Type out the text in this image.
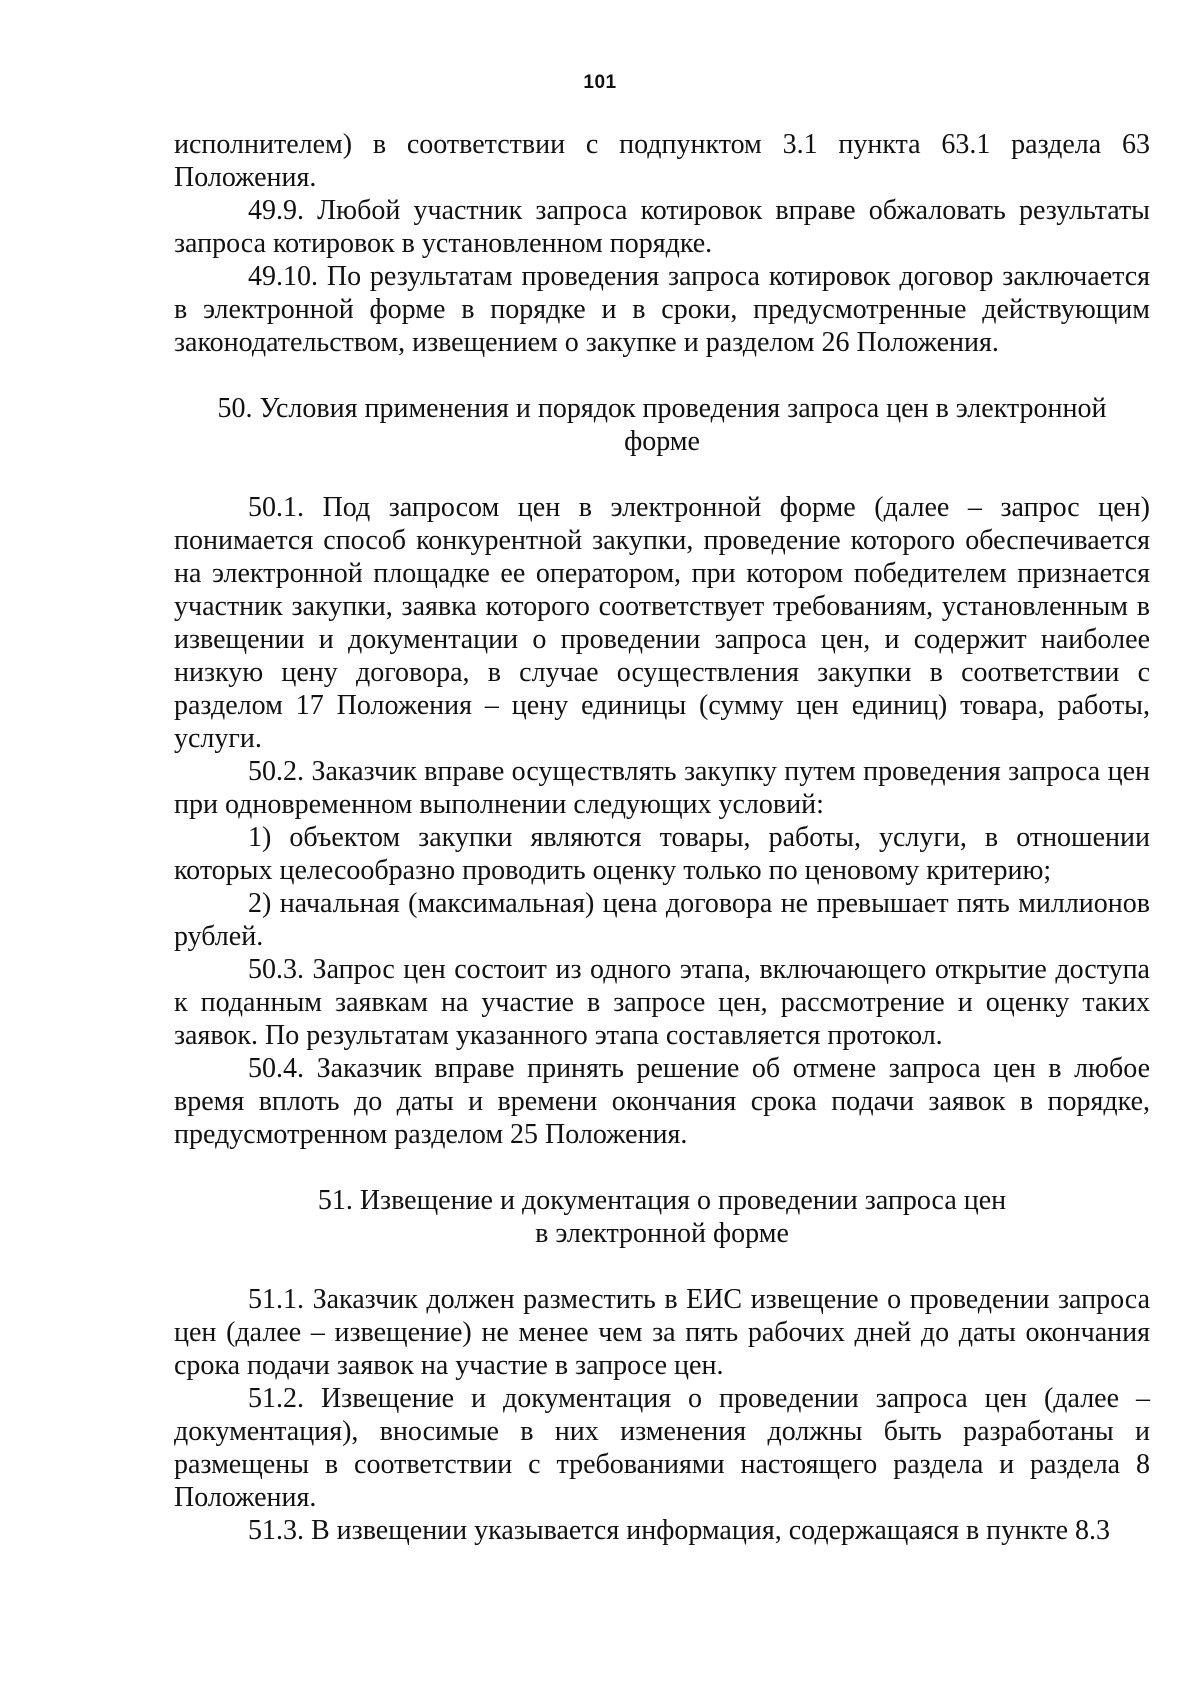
101

исполнителем) в соответствии с подпунктом 3.1 пункта 63.1 раздела 63 Положения.

49.9. Любой участник запроса котировок вправе обжаловать результаты запроса котировок в установленном порядке.

49.10. По результатам проведения запроса котировок договор заключается в электронной форме в порядке и в сроки, предусмотренные действующим законодательством, извещением о закупке и разделом 26 Положения.

50. Условия применения и порядок проведения запроса цен в электронной
форме

50.1. Под запросом цен в электронной форме (далее – запрос цен) понимается способ конкурентной закупки, проведение которого обеспечивается на электронной площадке ее оператором, при котором победителем признается участник закупки, заявка которого соответствует требованиям, установленным в извещении и документации о проведении запроса цен, и содержит наиболее низкую цену договора, в случае осуществления закупки в соответствии с разделом 17 Положения – цену единицы (сумму цен единиц) товара, работы, услуги.

50.2. Заказчик вправе осуществлять закупку путем проведения запроса цен при одновременном выполнении следующих условий:

1) объектом закупки являются товары, работы, услуги, в отношении которых целесообразно проводить оценку только по ценовому критерию;

2) начальная (максимальная) цена договора не превышает пять миллионов рублей.

50.3. Запрос цен состоит из одного этапа, включающего открытие доступа к поданным заявкам на участие в запросе цен, рассмотрение и оценку таких заявок. По результатам указанного этапа составляется протокол.

50.4. Заказчик вправе принять решение об отмене запроса цен в любое время вплоть до даты и времени окончания срока подачи заявок в порядке, предусмотренном разделом 25 Положения.

51. Извещение и документация о проведении запроса цен
в электронной форме

51.1. Заказчик должен разместить в ЕИС извещение о проведении запроса цен (далее – извещение) не менее чем за пять рабочих дней до даты окончания срока подачи заявок на участие в запросе цен.

51.2. Извещение и документация о проведении запроса цен (далее – документация), вносимые в них изменения должны быть разработаны и размещены в соответствии с требованиями настоящего раздела и раздела 8 Положения.

51.3. В извещении указывается информация, содержащаяся в пункте 8.3
